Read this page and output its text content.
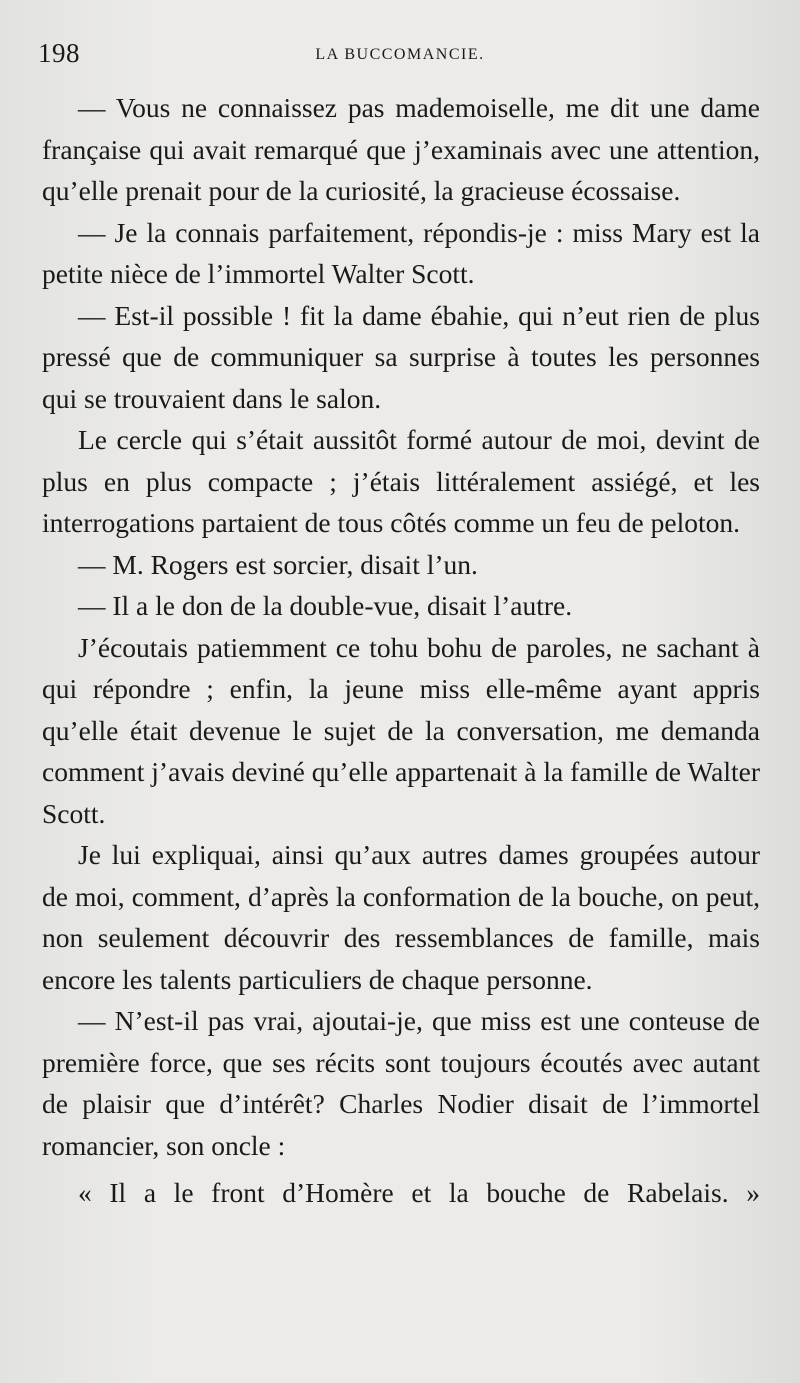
198	LA BUCCOMANCIE.

— Vous ne connaissez pas mademoiselle, me dit une dame française qui avait remarqué que j’examinais avec une attention, qu’elle prenait pour de la curiosité, la gracieuse écossaise.

— Je la connais parfaitement, répondis-je : miss Mary est la petite nièce de l’immortel Walter Scott.

— Est-il possible ! fit la dame ébahie, qui n’eut rien de plus pressé que de communiquer sa surprise à toutes les personnes qui se trouvaient dans le salon.

Le cercle qui s’était aussitôt formé autour de moi, devint de plus en plus compacte ; j’étais littéralement assiégé, et les interrogations partaient de tous côtés comme un feu de peloton.

— M. Rogers est sorcier, disait l’un.

— Il a le don de la double-vue, disait l’autre.

J’écoutais patiemment ce tohu bohu de paroles, ne sachant à qui répondre ; enfin, la jeune miss elle-même ayant appris qu’elle était devenue le sujet de la conversation, me demanda comment j’avais deviné qu’elle appartenait à la famille de Walter Scott.

Je lui expliquai, ainsi qu’aux autres dames groupées autour de moi, comment, d’après la conformation de la bouche, on peut, non seulement découvrir des ressemblances de famille, mais encore les talents particuliers de chaque personne.

— N’est-il pas vrai, ajoutai-je, que miss est une conteuse de première force, que ses récits sont toujours écoutés avec autant de plaisir que d’intérêt? Charles Nodier disait de l’immortel romancier, son oncle :

« Il a le front d’Homère et la bouche de Rabelais. »
